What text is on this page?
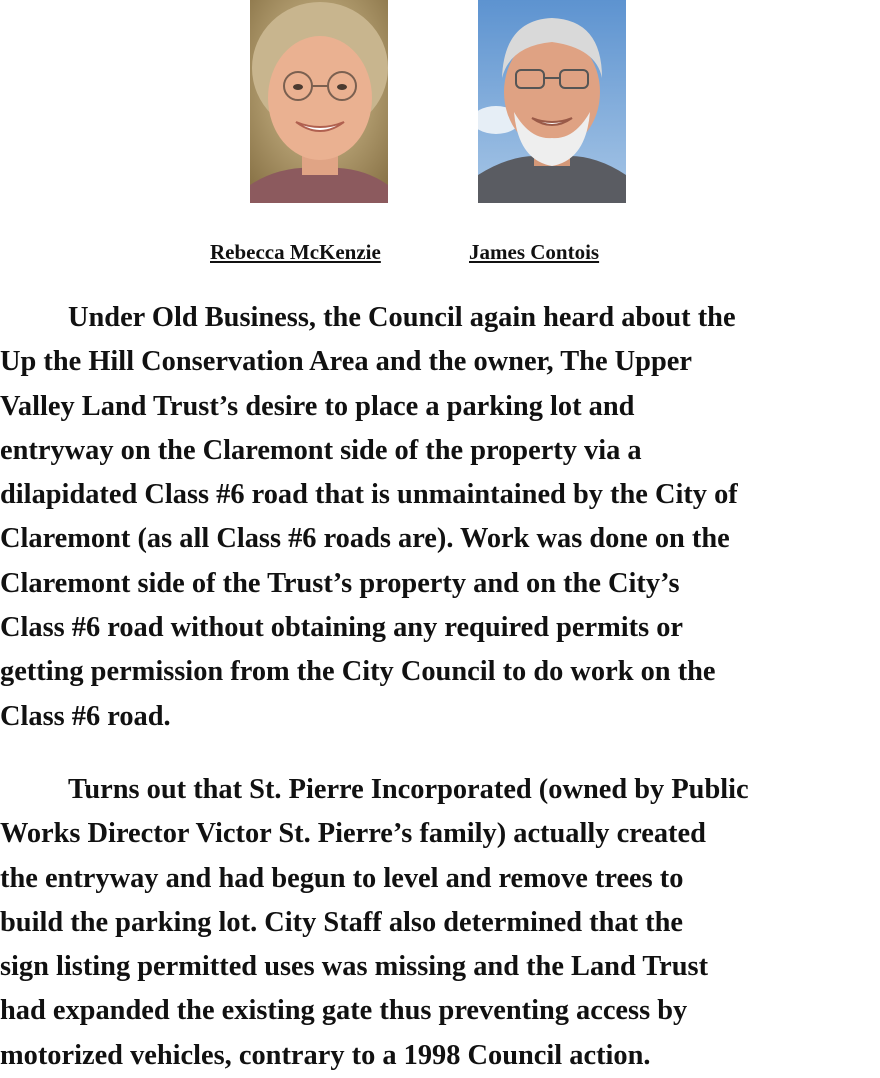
Rebecca McKenzie	James Contois

Under Old Business, the Council again heard about the
Up the Hill Conservation Area and the owner, The Upper
Valley Land Trust’s desire to place a parking lot and
entryway on the Claremont side of the property via a
dilapidated Class #6 road that is unmaintained by the City of
Claremont (as all Class #6 roads are). Work was done on the
Claremont side of the Trust’s property and on the City’s
Class #6 road without obtaining any required permits or
getting permission from the City Council to do work on the
Class #6 road.

Turns out that St. Pierre Incorporated (owned by Public
Works Director Victor St. Pierre’s family) actually created
the entryway and had begun to level and remove trees to
build the parking lot. City Staff also determined that the
sign listing permitted uses was missing and the Land Trust
had expanded the existing gate thus preventing access by
motorized vehicles, contrary to a 1998 Council action.
